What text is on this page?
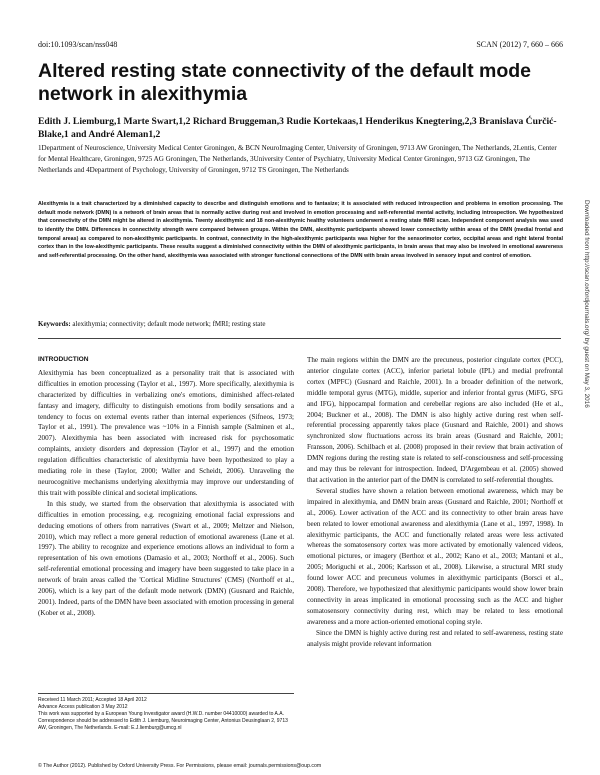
doi:10.1093/scan/nss048	SCAN (2012) 7, 660 – 666
Altered resting state connectivity of the default mode network in alexithymia
Edith J. Liemburg,1 Marte Swart,1,2 Richard Bruggeman,3 Rudie Kortekaas,1 Henderikus Knegtering,2,3 Branislava Ćurčić-Blake,1 and André Aleman1,2
1Department of Neuroscience, University Medical Center Groningen, & BCN NeuroImaging Center, University of Groningen, 9713 AW Groningen, The Netherlands, 2Lentis, Center for Mental Healthcare, Groningen, 9725 AG Groningen, The Netherlands, 3University Center of Psychiatry, University Medical Center Groningen, 9713 GZ Groningen, The Netherlands and 4Department of Psychology, University of Groningen, 9712 TS Groningen, The Netherlands
Alexithymia is a trait characterized by a diminished capacity to describe and distinguish emotions and to fantasize; it is associated with reduced introspection and problems in emotion processing. The default mode network (DMN) is a network of brain areas that is normally active during rest and involved in emotion processing and self-referential mental activity, including introspection. We hypothesized that connectivity of the DMN might be altered in alexithymia. Twenty alexithymic and 18 non-alexithymic healthy volunteers underwent a resting state fMRI scan. Independent component analysis was used to identify the DMN. Differences in connectivity strength were compared between groups. Within the DMN, alexithymic participants showed lower connectivity within areas of the DMN (medial frontal and temporal areas) as compared to non-alexithymic participants. In contrast, connectivity in the high-alexithymic participants was higher for the sensorimotor cortex, occipital areas and right lateral frontal cortex than in the low-alexithymic participants. These results suggest a diminished connectivity within the DMN of alexithymic participants, in brain areas that may also be involved in emotional awareness and self-referential processing. On the other hand, alexithymia was associated with stronger functional connections of the DMN with brain areas involved in sensory input and control of emotion.
Keywords: alexithymia; connectivity; default mode network; fMRI; resting state
INTRODUCTION

Alexithymia has been conceptualized as a personality trait that is associated with difficulties in emotion processing (Taylor et al., 1997). More specifically, alexithymia is characterized by difficulties in verbalizing one's emotions, diminished affect-related fantasy and imagery, difficulty to distinguish emotions from bodily sensations and a tendency to focus on external events rather than internal experiences (Sifneos, 1973; Taylor et al., 1991). The prevalence was ~10% in a Finnish sample (Salminen et al., 2007). Alexithymia has been associated with increased risk for psychosomatic complaints, anxiety disorders and depression (Taylor et al., 1997) and the emotion regulation difficulties characteristic of alexithymia have been hypothesized to play a mediating role in these (Taylor, 2000; Waller and Scheidt, 2006). Unraveling the neurocognitive mechanisms underlying alexithymia may improve our understanding of this trait with possible clinical and societal implications.

In this study, we started from the observation that alexithymia is associated with difficulties in emotion processing, e.g. recognizing emotional facial expressions and deducing emotions of others from narratives (Swart et al., 2009; Meltzer and Nielson, 2010), which may reflect a more general reduction of emotional awareness (Lane et al. 1997). The ability to recognize and experience emotions allows an individual to form a representation of his own emotions (Damasio et al., 2003; Northoff et al., 2006). Such self-referential emotional processing and imagery have been suggested to take place in a network of brain areas called the 'Cortical Midline Structures' (CMS) (Northoff et al., 2006), which is a key part of the default mode network (DMN) (Gusnard and Raichle, 2001). Indeed, parts of the DMN have been associated with emotion processing in general (Kober et al., 2008).

The main regions within the DMN are the precuneus, posterior cingulate cortex (PCC), anterior cingulate cortex (ACC), inferior parietal lobule (IPL) and medial prefrontal cortex (MPFC) (Gusnard and Raichle, 2001). In a broader definition of the network, middle temporal gyrus (MTG), middle, superior and inferior frontal gyrus (MiFG, SFG and IFG), hippocampal formation and cerebellar regions are also included (He et al., 2004; Buckner et al., 2008). The DMN is also highly active during rest when self-referential processing apparently takes place (Gusnard and Raichle, 2001) and shows synchronized slow fluctuations across its brain areas (Gusnard and Raichle, 2001; Fransson, 2006). Schilbach et al. (2008) proposed in their review that brain activation of DMN regions during the resting state is related to self-consciousness and self-processing and may thus be relevant for introspection. Indeed, D'Argembeau et al. (2005) showed that activation in the anterior part of the DMN is correlated to self-referential thoughts.

Several studies have shown a relation between emotional awareness, which may be impaired in alexithymia, and DMN brain areas (Gusnard and Raichle, 2001; Northoff et al., 2006). Lower activation of the ACC and its connectivity to other brain areas have been related to lower emotional awareness and alexithymia (Lane et al., 1997, 1998). In alexithymic participants, the ACC and functionally related areas were less activated whereas the somatosensory cortex was more activated by emotionally valenced videos, emotional pictures, or imagery (Berthoz et al., 2002; Kano et al., 2003; Mantani et al., 2005; Moriguchi et al., 2006; Karlsson et al., 2008). Likewise, a structural MRI study found lower ACC and precuneus volumes in alexithymic participants (Borsci et al., 2008). Therefore, we hypothesized that alexithymic participants would show lower brain connectivity in areas implicated in emotional processing such as the ACC and higher somatosensory connectivity during rest, which may be related to less emotional awareness and a more action-oriented emotional coping style.

Since the DMN is highly active during rest and related to self-awareness, resting state analysis might provide relevant information

Received 11 March 2011; Accepted 18 April 2012
Advance Access publication 3 May 2012
This work was supported by a European Young Investigator award (H.W.D. number 04410000) awarded to A.A.
Correspondence should be addressed to Edith J. Liemburg, Neuroimaging Center, Antonius Deusinglaan 2, 9713 AW, Groningen, The Netherlands. E-mail: E.J.liemburg@umcg.nl
© The Author (2012). Published by Oxford University Press. For Permissions, please email: journals.permissions@oup.com
Downloaded from http://scan.oxfordjournals.org/ by guest on May 3, 2016
